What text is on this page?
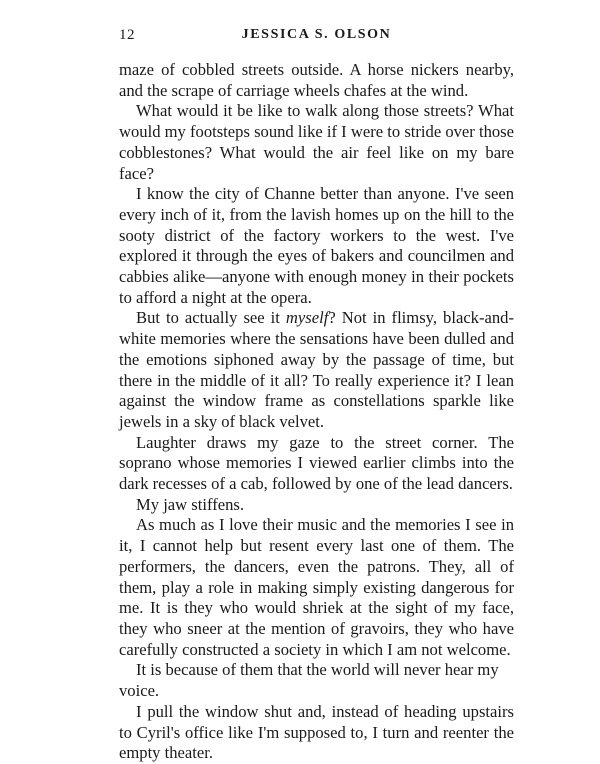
12	JESSICA S. OLSON

maze of cobbled streets outside. A horse nickers nearby, and the scrape of carriage wheels chafes at the wind.

What would it be like to walk along those streets? What would my footsteps sound like if I were to stride over those cobblestones? What would the air feel like on my bare face?

I know the city of Channe better than anyone. I've seen every inch of it, from the lavish homes up on the hill to the sooty district of the factory workers to the west. I've explored it through the eyes of bakers and councilmen and cabbies alike—anyone with enough money in their pockets to afford a night at the opera.

But to actually see it myself? Not in flimsy, black-and-white memories where the sensations have been dulled and the emotions siphoned away by the passage of time, but there in the middle of it all? To really experience it? I lean against the window frame as constellations sparkle like jewels in a sky of black velvet.

Laughter draws my gaze to the street corner. The soprano whose memories I viewed earlier climbs into the dark recesses of a cab, followed by one of the lead dancers.

My jaw stiffens.

As much as I love their music and the memories I see in it, I cannot help but resent every last one of them. The performers, the dancers, even the patrons. They, all of them, play a role in making simply existing dangerous for me. It is they who would shriek at the sight of my face, they who sneer at the mention of gravoirs, they who have carefully constructed a society in which I am not welcome.

It is because of them that the world will never hear my voice.

I pull the window shut and, instead of heading upstairs to Cyril's office like I'm supposed to, I turn and reenter the empty theater.
